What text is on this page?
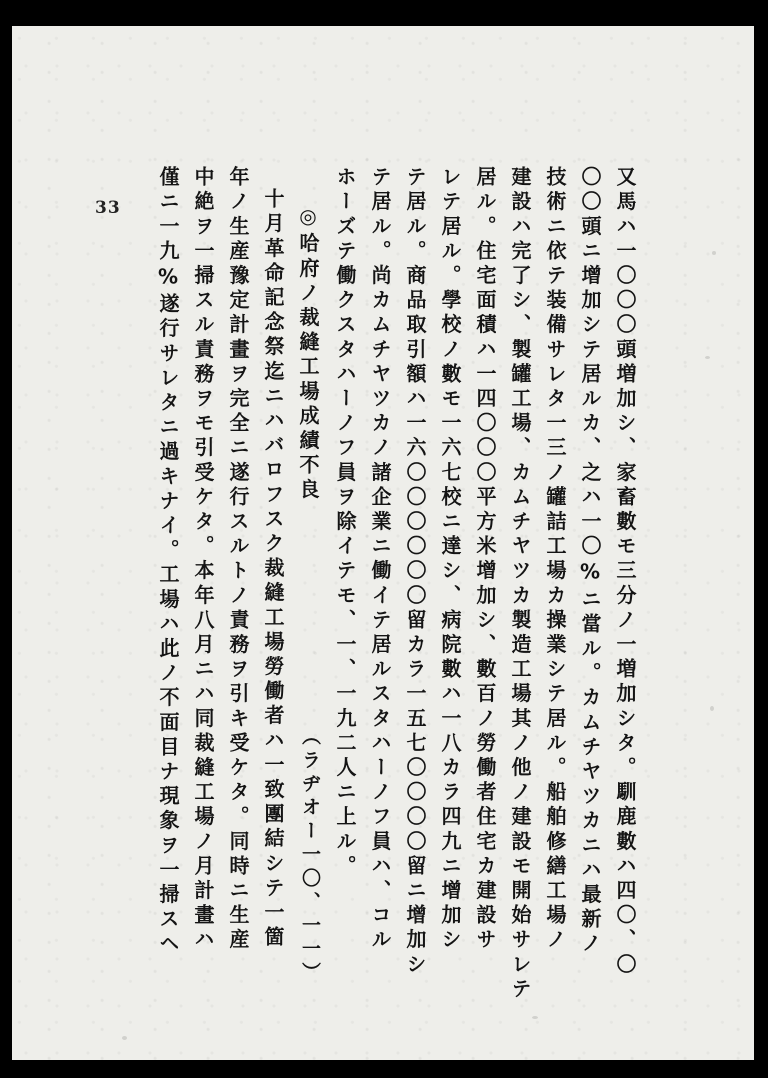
33	又馬ハ一〇〇〇頭増加シ、家畜數モ三分ノ一増加シタ。馴鹿數ハ四〇、〇
〇〇頭ニ增加シテ居ルカ、之ハ一〇%ニ當ル。カムチヤツカニハ最新ノ
技術ニ依テ装備サレタ一三ノ罐詰工場カ操業シテ居ル。船舶修繕工場ノ
建設ハ完了シ、製罐工場、カムチヤツカ製造工場其ノ他ノ建設モ開始サレテ
居ル。住宅面積ハ一四〇〇〇平方米增加シ、數百ノ勞働者住宅カ建設サ
レテ居ル。學校ノ數モ一六七校ニ達シ、病院數ハ一八カラ四九ニ增加シ
テ居ル。商品取引額ハ一六〇〇〇〇〇〇留カラ一五七〇〇〇〇留ニ增加シ
テ居ル。尚カムチヤツカノ諸企業ニ働イテ居ルスタハーノフ員ハ、コル
ホーズテ働クスタハーノフ員ヲ除イテモ、一、一九二人ニ上ル。
（ラヂオー一〇、一一）
◎哈府ノ裁縫工場成績不良
十月革命記念祭迄ニハバロフスク裁縫工場勞働者ハ一致團結シテ一箇
年ノ生産豫定計畫ヲ完全ニ遂行スルトノ責務ヲ引キ受ケタ。同時ニ生産
中絶ヲ一掃スル責務ヲモ引受ケタ。本年八月ニハ同裁縫工場ノ月計畫ハ
僅ニ一九%遂行サレタニ過キナイ。工場ハ此ノ不面目ナ現象ヲ一掃スヘ
